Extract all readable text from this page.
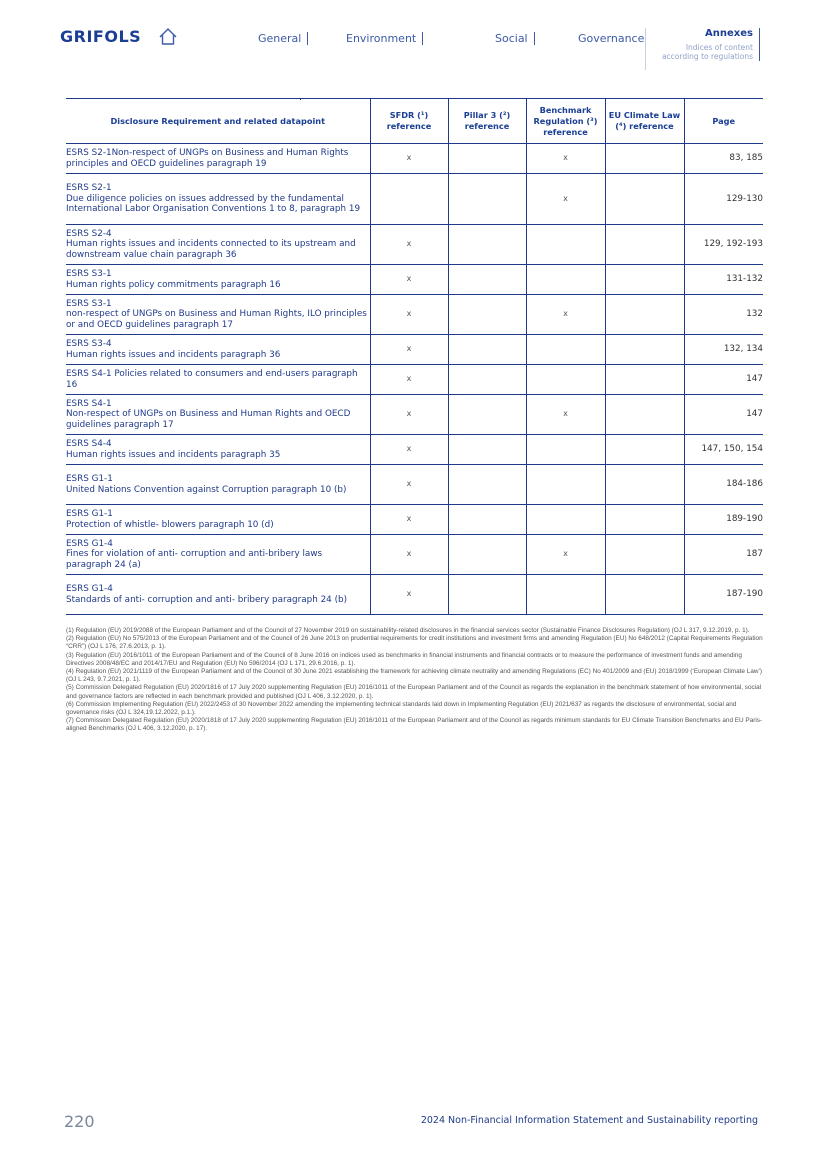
GRIFOLS	General	Environment	Social	Governance	Annexes
Indices of content
according to regulations
Disclosure Requirement and related datapoint	SFDR (¹) reference	Pillar 3 (²) reference	Benchmark Regulation (³) reference	EU Climate Law (⁴) reference	Page

ESRS S2-1Non-respect of UNGPs on Business and Human Rights principles and OECD guidelines paragraph 19	x		x		83, 185

ESRS S2-1
Due diligence policies on issues addressed by the fundamental International Labor Organisation Conventions 1 to 8, paragraph 19			x		129-130

ESRS S2-4
Human rights issues and incidents connected to its upstream and downstream value chain paragraph 36	x				129, 192-193

ESRS S3-1
Human rights policy commitments paragraph 16	x				131-132

ESRS S3-1
non-respect of UNGPs on Business and Human Rights, ILO principles or and OECD guidelines paragraph 17	x		x		132

ESRS S3-4
Human rights issues and incidents paragraph 36	x				132, 134

ESRS S4-1 Policies related to consumers and end-users paragraph 16	x				147

ESRS S4-1
Non-respect of UNGPs on Business and Human Rights and OECD guidelines paragraph 17	x		x		147

ESRS S4-4
Human rights issues and incidents paragraph 35	x				147, 150, 154

ESRS G1-1
United Nations Convention against Corruption paragraph 10 (b)	x				184-186

ESRS G1-1
Protection of whistle- blowers paragraph 10 (d)	x				189-190

ESRS G1-4
Fines for violation of anti- corruption and anti-bribery laws paragraph 24 (a)	x		x		187

ESRS G1-4
Standards of anti- corruption and anti- bribery paragraph 24 (b)	x				187-190

(1) Regulation (EU) 2019/2088 of the European Parliament and of the Council of 27 November 2019 on sustainability-related disclosures in the financial services sector (Sustainable Finance Disclosures Regulation) (OJ L 317, 9.12.2019, p. 1).

(2) Regulation (EU) No 575/2013 of the European Parliament and of the Council of 26 June 2013 on prudential requirements for credit institutions and investment firms and amending Regulation (EU) No 648/2012 (Capital Requirements Regulation “CRR”) (OJ L 176, 27.6.2013, p. 1).

(3) Regulation (EU) 2016/1011 of the European Parliament and of the Council of 8 June 2016 on indices used as benchmarks in financial instruments and financial contracts or to measure the performance of investment funds and amending Directives 2008/48/EC and 2014/17/EU and Regulation (EU) No 596/2014 (OJ L 171, 29.6.2016, p. 1).

(4) Regulation (EU) 2021/1119 of the European Parliament and of the Council of 30 June 2021 establishing the framework for achieving climate neutrality and amending Regulations (EC) No 401/2009 and (EU) 2018/1999 (‘European Climate Law’) (OJ L 243, 9.7.2021, p. 1).

(5) Commission Delegated Regulation (EU) 2020/1816 of 17 July 2020 supplementing Regulation (EU) 2016/1011 of the European Parliament and of the Council as regards the explanation in the benchmark statement of how environmental, social and governance factors are reflected in each benchmark provided and published (OJ L 406, 3.12.2020, p. 1).

(6) Commission Implementing Regulation (EU) 2022/2453 of 30 November 2022 amending the implementing technical standards laid down in Implementing Regulation (EU) 2021/637 as regards the disclosure of environmental, social and governance risks (OJ L 324,19.12.2022, p.1.).

(7) Commission Delegated Regulation (EU) 2020/1818 of 17 July 2020 supplementing Regulation (EU) 2016/1011 of the European Parliament and of the Council as regards minimum standards for EU Climate Transition Benchmarks and EU Paris-aligned Benchmarks (OJ L 406, 3.12.2020, p. 17).

220	2024 Non-Financial Information Statement and Sustainability reporting
